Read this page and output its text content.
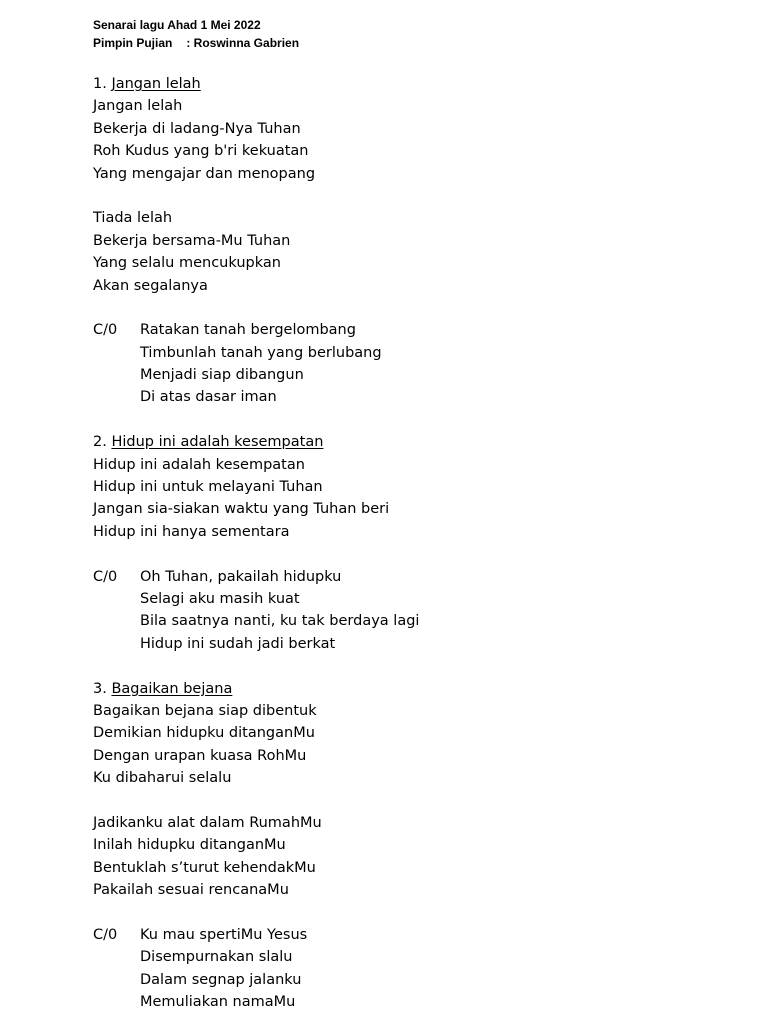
Senarai lagu Ahad 1 Mei 2022
Pimpin Pujian : Roswinna Gabrien
1. Jangan lelah
Jangan lelah
Bekerja di ladang-Nya Tuhan
Roh Kudus yang b'ri kekuatan
Yang mengajar dan menopang
Tiada lelah
Bekerja bersama-Mu Tuhan
Yang selalu mencukupkan
Akan segalanya
C/0	Ratakan tanah bergelombang
Timbunlah tanah yang berlubang
Menjadi siap dibangun
Di atas dasar iman
2. Hidup ini adalah kesempatan
Hidup ini adalah kesempatan
Hidup ini untuk melayani Tuhan
Jangan sia-siakan waktu yang Tuhan beri
Hidup ini hanya sementara
C/0	Oh Tuhan, pakailah hidupku
Selagi aku masih kuat
Bila saatnya nanti, ku tak berdaya lagi
Hidup ini sudah jadi berkat
3. Bagaikan bejana
Bagaikan bejana siap dibentuk
Demikian hidupku ditanganMu
Dengan urapan kuasa RohMu
Ku dibaharui selalu
Jadikanku alat dalam RumahMu
Inilah hidupku ditanganMu
Bentuklah s’turut kehendakMu
Pakailah sesuai rencanaMu
C/0	Ku mau spertiMu Yesus
Disempurnakan slalu
Dalam segnap jalanku
Memuliakan namaMu
